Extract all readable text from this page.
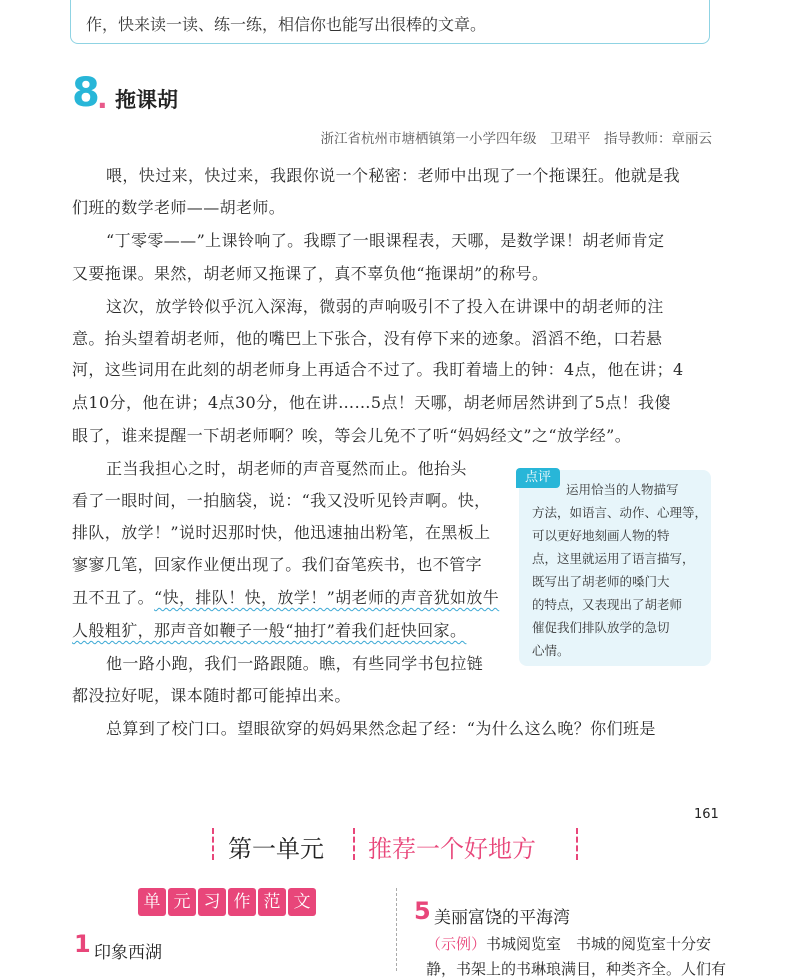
作，快来读一读、练一练，相信你也能写出很棒的文章。
8
. 拖课胡
浙江省杭州市塘栖镇第一小学四年级　卫珺平　指导教师：章丽云
喂，快过来，快过来，我跟你说一个秘密：老师中出现了一个拖课狂。他就是我
们班的数学老师——胡老师。
“丁零零——”上课铃响了。我瞟了一眼课程表，天哪，是数学课！胡老师肯定
又要拖课。果然，胡老师又拖课了，真不辜负他“拖课胡”的称号。
这次，放学铃似乎沉入深海，微弱的声响吸引不了投入在讲课中的胡老师的注
意。抬头望着胡老师，他的嘴巴上下张合，没有停下来的迹象。滔滔不绝，口若悬
河，这些词用在此刻的胡老师身上再适合不过了。我盯着墙上的钟：4点，他在讲；4
点10分，他在讲；4点30分，他在讲……5点！天哪，胡老师居然讲到了5点！我傻
眼了，谁来提醒一下胡老师啊？唉，等会儿免不了听“妈妈经文”之“放学经”。
正当我担心之时，胡老师的声音戛然而止。他抬头
看了一眼时间，一拍脑袋，说：“我又没听见铃声啊。快，
排队，放学！”说时迟那时快，他迅速抽出粉笔，在黑板上
寥寥几笔，回家作业便出现了。我们奋笔疾书，也不管字
丑不丑了。“快，排队！快，放学！”胡老师的声音犹如放牛
人般粗犷，那声音如鞭子一般“抽打”着我们赶快回家。
他一路小跑，我们一路跟随。瞧，有些同学书包拉链
都没拉好呢，课本随时都可能掉出来。
总算到了校门口。望眼欲穿的妈妈果然念起了经：“为什么这么晚？你们班是
点评
运用恰当的人物描写
方法，如语言、动作、心理等，
可以更好地刻画人物的特
点，这里就运用了语言描写，
既写出了胡老师的嗓门大
的特点，又表现出了胡老师
催促我们排队放学的急切
心情。
161
第一单元 推荐一个好地方
单 元 习 作 范 文
1 印象西湖
5 美丽富饶的平海湾
（示例）书城阅览室　书城的阅览室十分安
静，书架上的书琳琅满目，种类齐全。人们有
